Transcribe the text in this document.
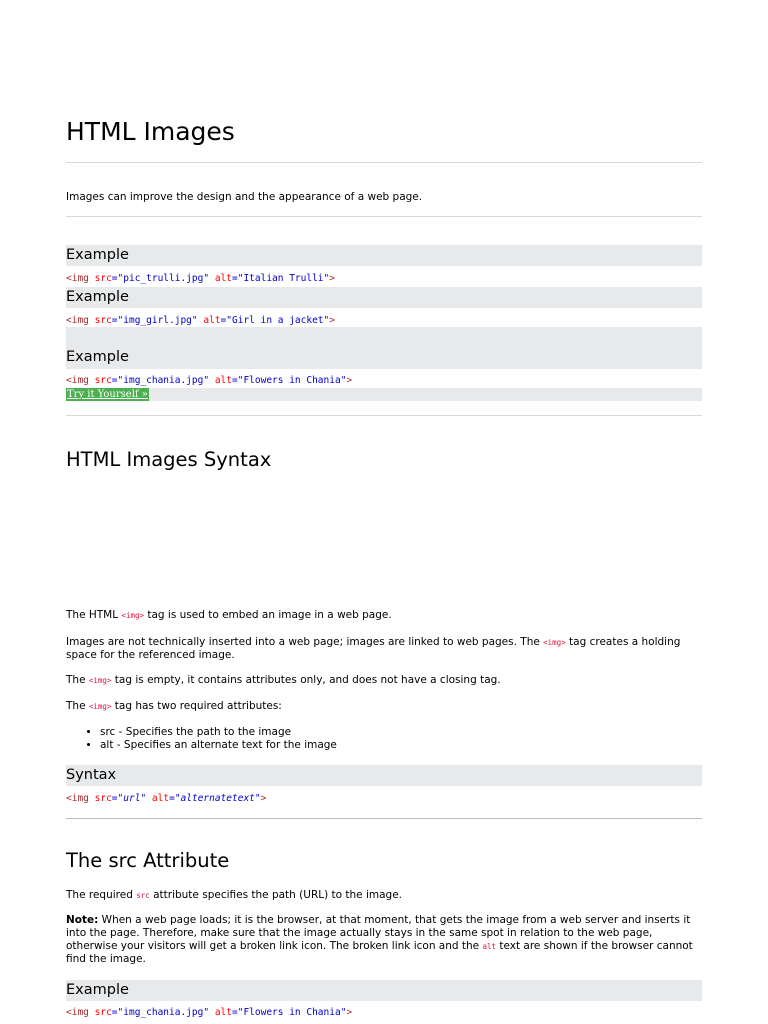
HTML Images
Images can improve the design and the appearance of a web page.
Example
<img src="pic_trulli.jpg" alt="Italian Trulli">
Example
<img src="img_girl.jpg" alt="Girl in a jacket">
Example
<img src="img_chania.jpg" alt="Flowers in Chania">
Try it Yourself »
HTML Images Syntax
The HTML <img> tag is used to embed an image in a web page.
Images are not technically inserted into a web page; images are linked to web pages. The <img> tag creates a holding space for the referenced image.
The <img> tag is empty, it contains attributes only, and does not have a closing tag.
The <img> tag has two required attributes:
• src - Specifies the path to the image
• alt - Specifies an alternate text for the image
Syntax
<img src="url" alt="alternatetext">
The src Attribute
The required src attribute specifies the path (URL) to the image.
Note: When a web page loads; it is the browser, at that moment, that gets the image from a web server and inserts it into the page. Therefore, make sure that the image actually stays in the same spot in relation to the web page, otherwise your visitors will get a broken link icon. The broken link icon and the alt text are shown if the browser cannot find the image.
Example
<img src="img_chania.jpg" alt="Flowers in Chania">
